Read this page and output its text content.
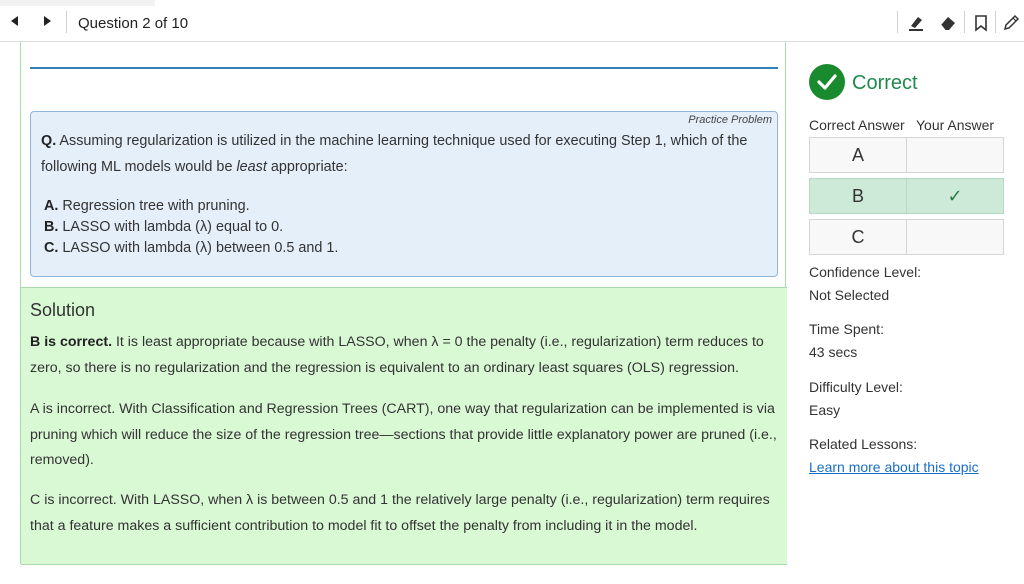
Question 2 of 10
Practice Problem
Q. Assuming regularization is utilized in the machine learning technique used for executing Step 1, which of the following ML models would be least appropriate:
A. Regression tree with pruning.
B. LASSO with lambda (λ) equal to 0.
C. LASSO with lambda (λ) between 0.5 and 1.
Solution
B is correct. It is least appropriate because with LASSO, when λ = 0 the penalty (i.e., regularization) term reduces to zero, so there is no regularization and the regression is equivalent to an ordinary least squares (OLS) regression.
A is incorrect. With Classification and Regression Trees (CART), one way that regularization can be implemented is via pruning which will reduce the size of the regression tree—sections that provide little explanatory power are pruned (i.e., removed).
C is incorrect. With LASSO, when λ is between 0.5 and 1 the relatively large penalty (i.e., regularization) term requires that a feature makes a sufficient contribution to model fit to offset the penalty from including it in the model.
Correct
Correct Answer Your Answer
A
B	✓
C
Confidence Level:
Not Selected
Time Spent:
43 secs
Difficulty Level:
Easy
Related Lessons:
Learn more about this topic
